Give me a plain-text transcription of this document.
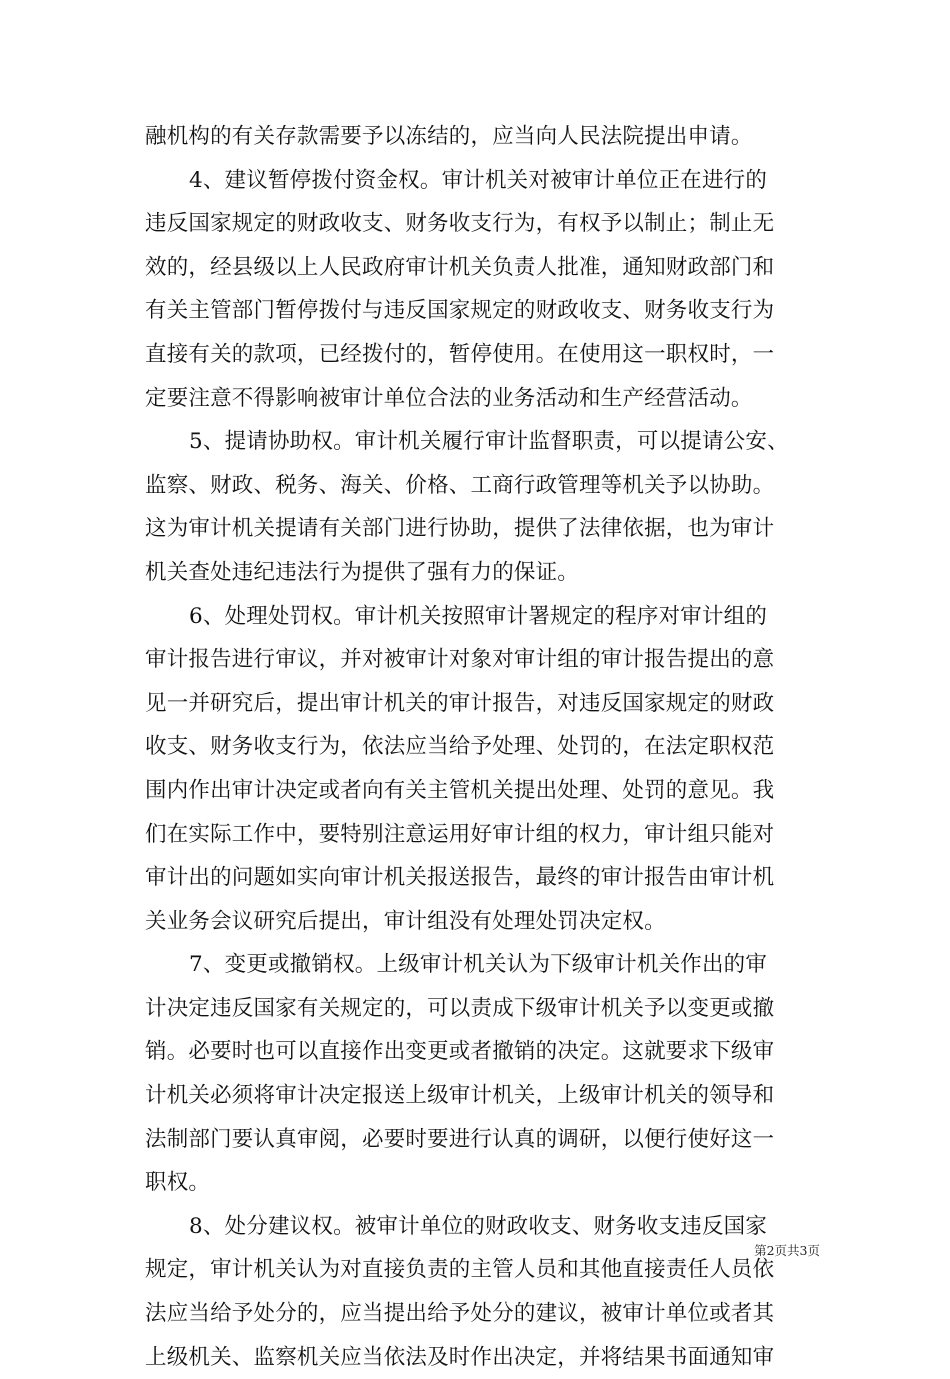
融机构的有关存款需要予以冻结的，应当向人民法院提出申请。
4、建议暂停拨付资金权。审计机关对被审计单位正在进行的
违反国家规定的财政收支、财务收支行为，有权予以制止；制止无
效的，经县级以上人民政府审计机关负责人批准，通知财政部门和
有关主管部门暂停拨付与违反国家规定的财政收支、财务收支行为
直接有关的款项，已经拨付的，暂停使用。在使用这一职权时，一
定要注意不得影响被审计单位合法的业务活动和生产经营活动。
5、提请协助权。审计机关履行审计监督职责，可以提请公安、
监察、财政、税务、海关、价格、工商行政管理等机关予以协助。
这为审计机关提请有关部门进行协助，提供了法律依据，也为审计
机关查处违纪违法行为提供了强有力的保证。
6、处理处罚权。审计机关按照审计署规定的程序对审计组的
审计报告进行审议，并对被审计对象对审计组的审计报告提出的意
见一并研究后，提出审计机关的审计报告，对违反国家规定的财政
收支、财务收支行为，依法应当给予处理、处罚的，在法定职权范
围内作出审计决定或者向有关主管机关提出处理、处罚的意见。我
们在实际工作中，要特别注意运用好审计组的权力，审计组只能对
审计出的问题如实向审计机关报送报告，最终的审计报告由审计机
关业务会议研究后提出，审计组没有处理处罚决定权。
7、变更或撤销权。上级审计机关认为下级审计机关作出的审
计决定违反国家有关规定的，可以责成下级审计机关予以变更或撤
销。必要时也可以直接作出变更或者撤销的决定。这就要求下级审
计机关必须将审计决定报送上级审计机关，上级审计机关的领导和
法制部门要认真审阅，必要时要进行认真的调研，以便行使好这一
职权。
8、处分建议权。被审计单位的财政收支、财务收支违反国家
规定，审计机关认为对直接负责的主管人员和其他直接责任人员依
法应当给予处分的，应当提出给予处分的建议，被审计单位或者其
上级机关、监察机关应当依法及时作出决定，并将结果书面通知审
第2页共3页
